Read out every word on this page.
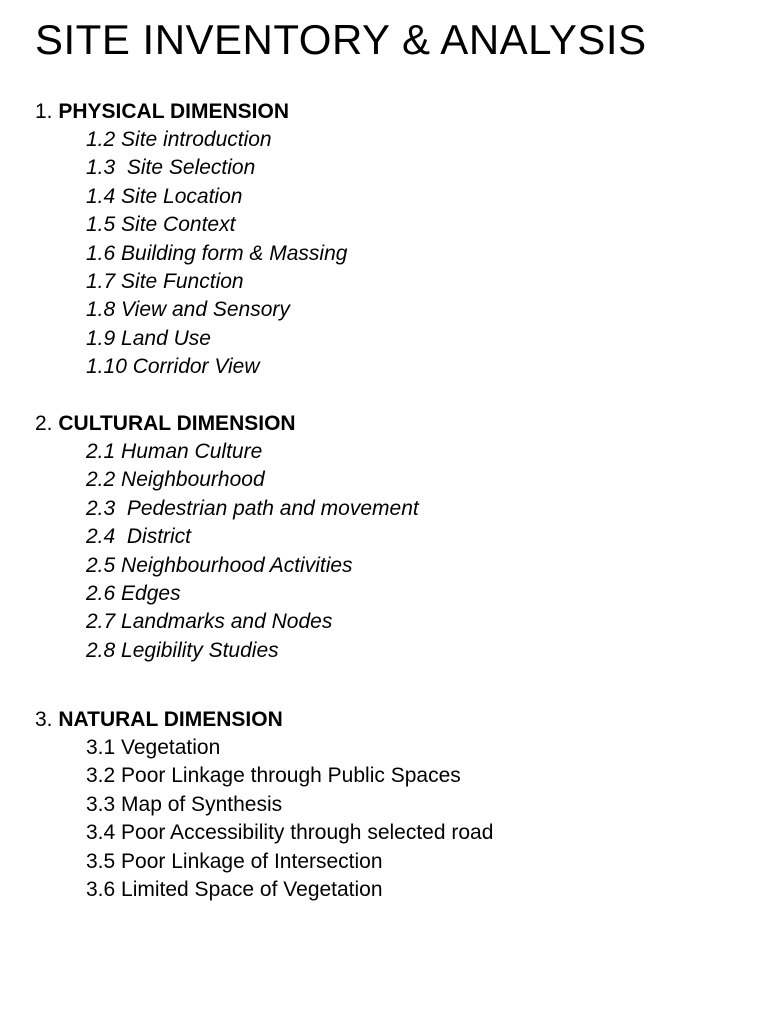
SITE INVENTORY & ANALYSIS
1. PHYSICAL DIMENSION
1.2 Site introduction
1.3  Site Selection
1.4 Site Location
1.5 Site Context
1.6 Building form & Massing
1.7 Site Function
1.8 View and Sensory
1.9 Land Use
1.10 Corridor View
2. CULTURAL DIMENSION
2.1 Human Culture
2.2 Neighbourhood
2.3  Pedestrian path and movement
2.4  District
2.5 Neighbourhood Activities
2.6 Edges
2.7 Landmarks and Nodes
2.8 Legibility Studies
3. NATURAL DIMENSION
3.1 Vegetation
3.2 Poor Linkage through Public Spaces
3.3 Map of Synthesis
3.4 Poor Accessibility through selected road
3.5 Poor Linkage of Intersection
3.6 Limited Space of Vegetation
